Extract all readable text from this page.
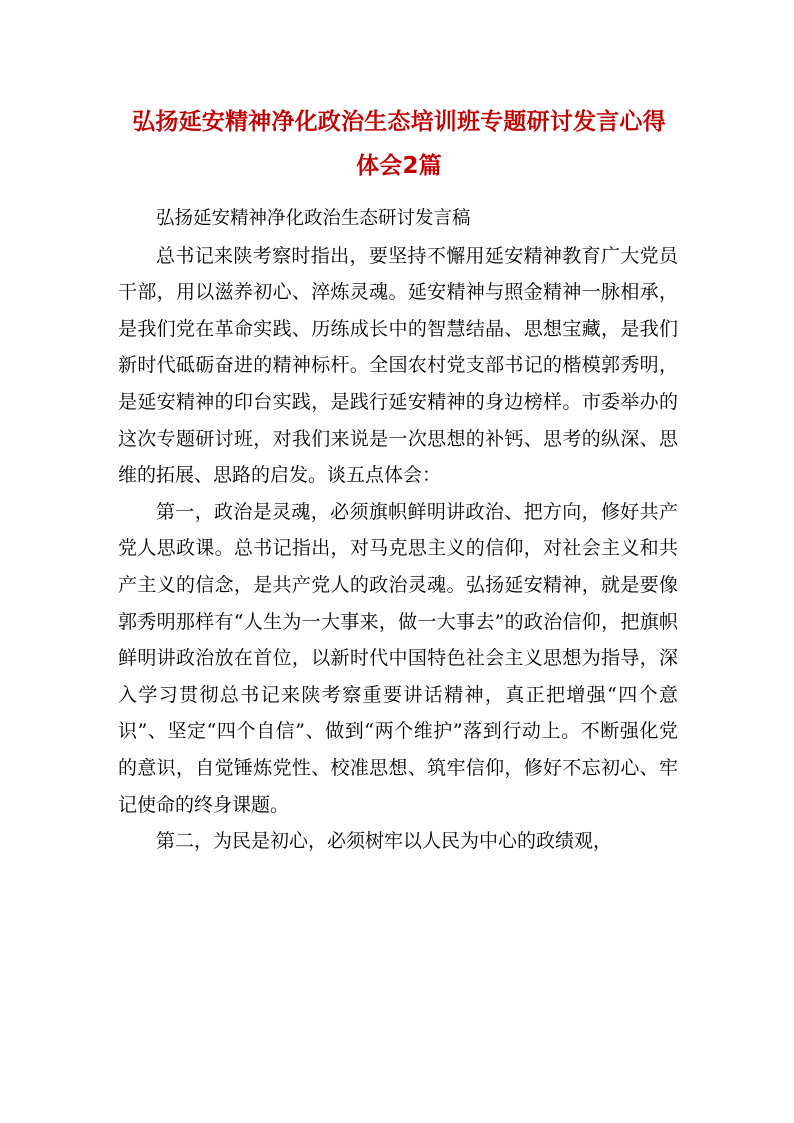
弘扬延安精神净化政治生态培训班专题研讨发言心得
体会2篇

弘扬延安精神净化政治生态研讨发言稿

总书记来陕考察时指出，要坚持不懈用延安精神教育广大党员干部，用以滋养初心、淬炼灵魂。延安精神与照金精神一脉相承，是我们党在革命实践、历练成长中的智慧结晶、思想宝藏，是我们新时代砥砺奋进的精神标杆。全国农村党支部书记的楷模郭秀明，是延安精神的印台实践，是践行延安精神的身边榜样。市委举办的这次专题研讨班，对我们来说是一次思想的补钙、思考的纵深、思维的拓展、思路的启发。谈五点体会：

第一，政治是灵魂，必须旗帜鲜明讲政治、把方向，修好共产党人思政课。总书记指出，对马克思主义的信仰，对社会主义和共产主义的信念，是共产党人的政治灵魂。弘扬延安精神，就是要像郭秀明那样有“人生为一大事来，做一大事去”的政治信仰，把旗帜鲜明讲政治放在首位，以新时代中国特色社会主义思想为指导，深入学习贯彻总书记来陕考察重要讲话精神，真正把增强“四个意识”、坚定“四个自信”、做到“两个维护”落到行动上。不断强化党的意识，自觉锤炼党性、校准思想、筑牢信仰，修好不忘初心、牢记使命的终身课题。

第二，为民是初心，必须树牢以人民为中心的政绩观，
